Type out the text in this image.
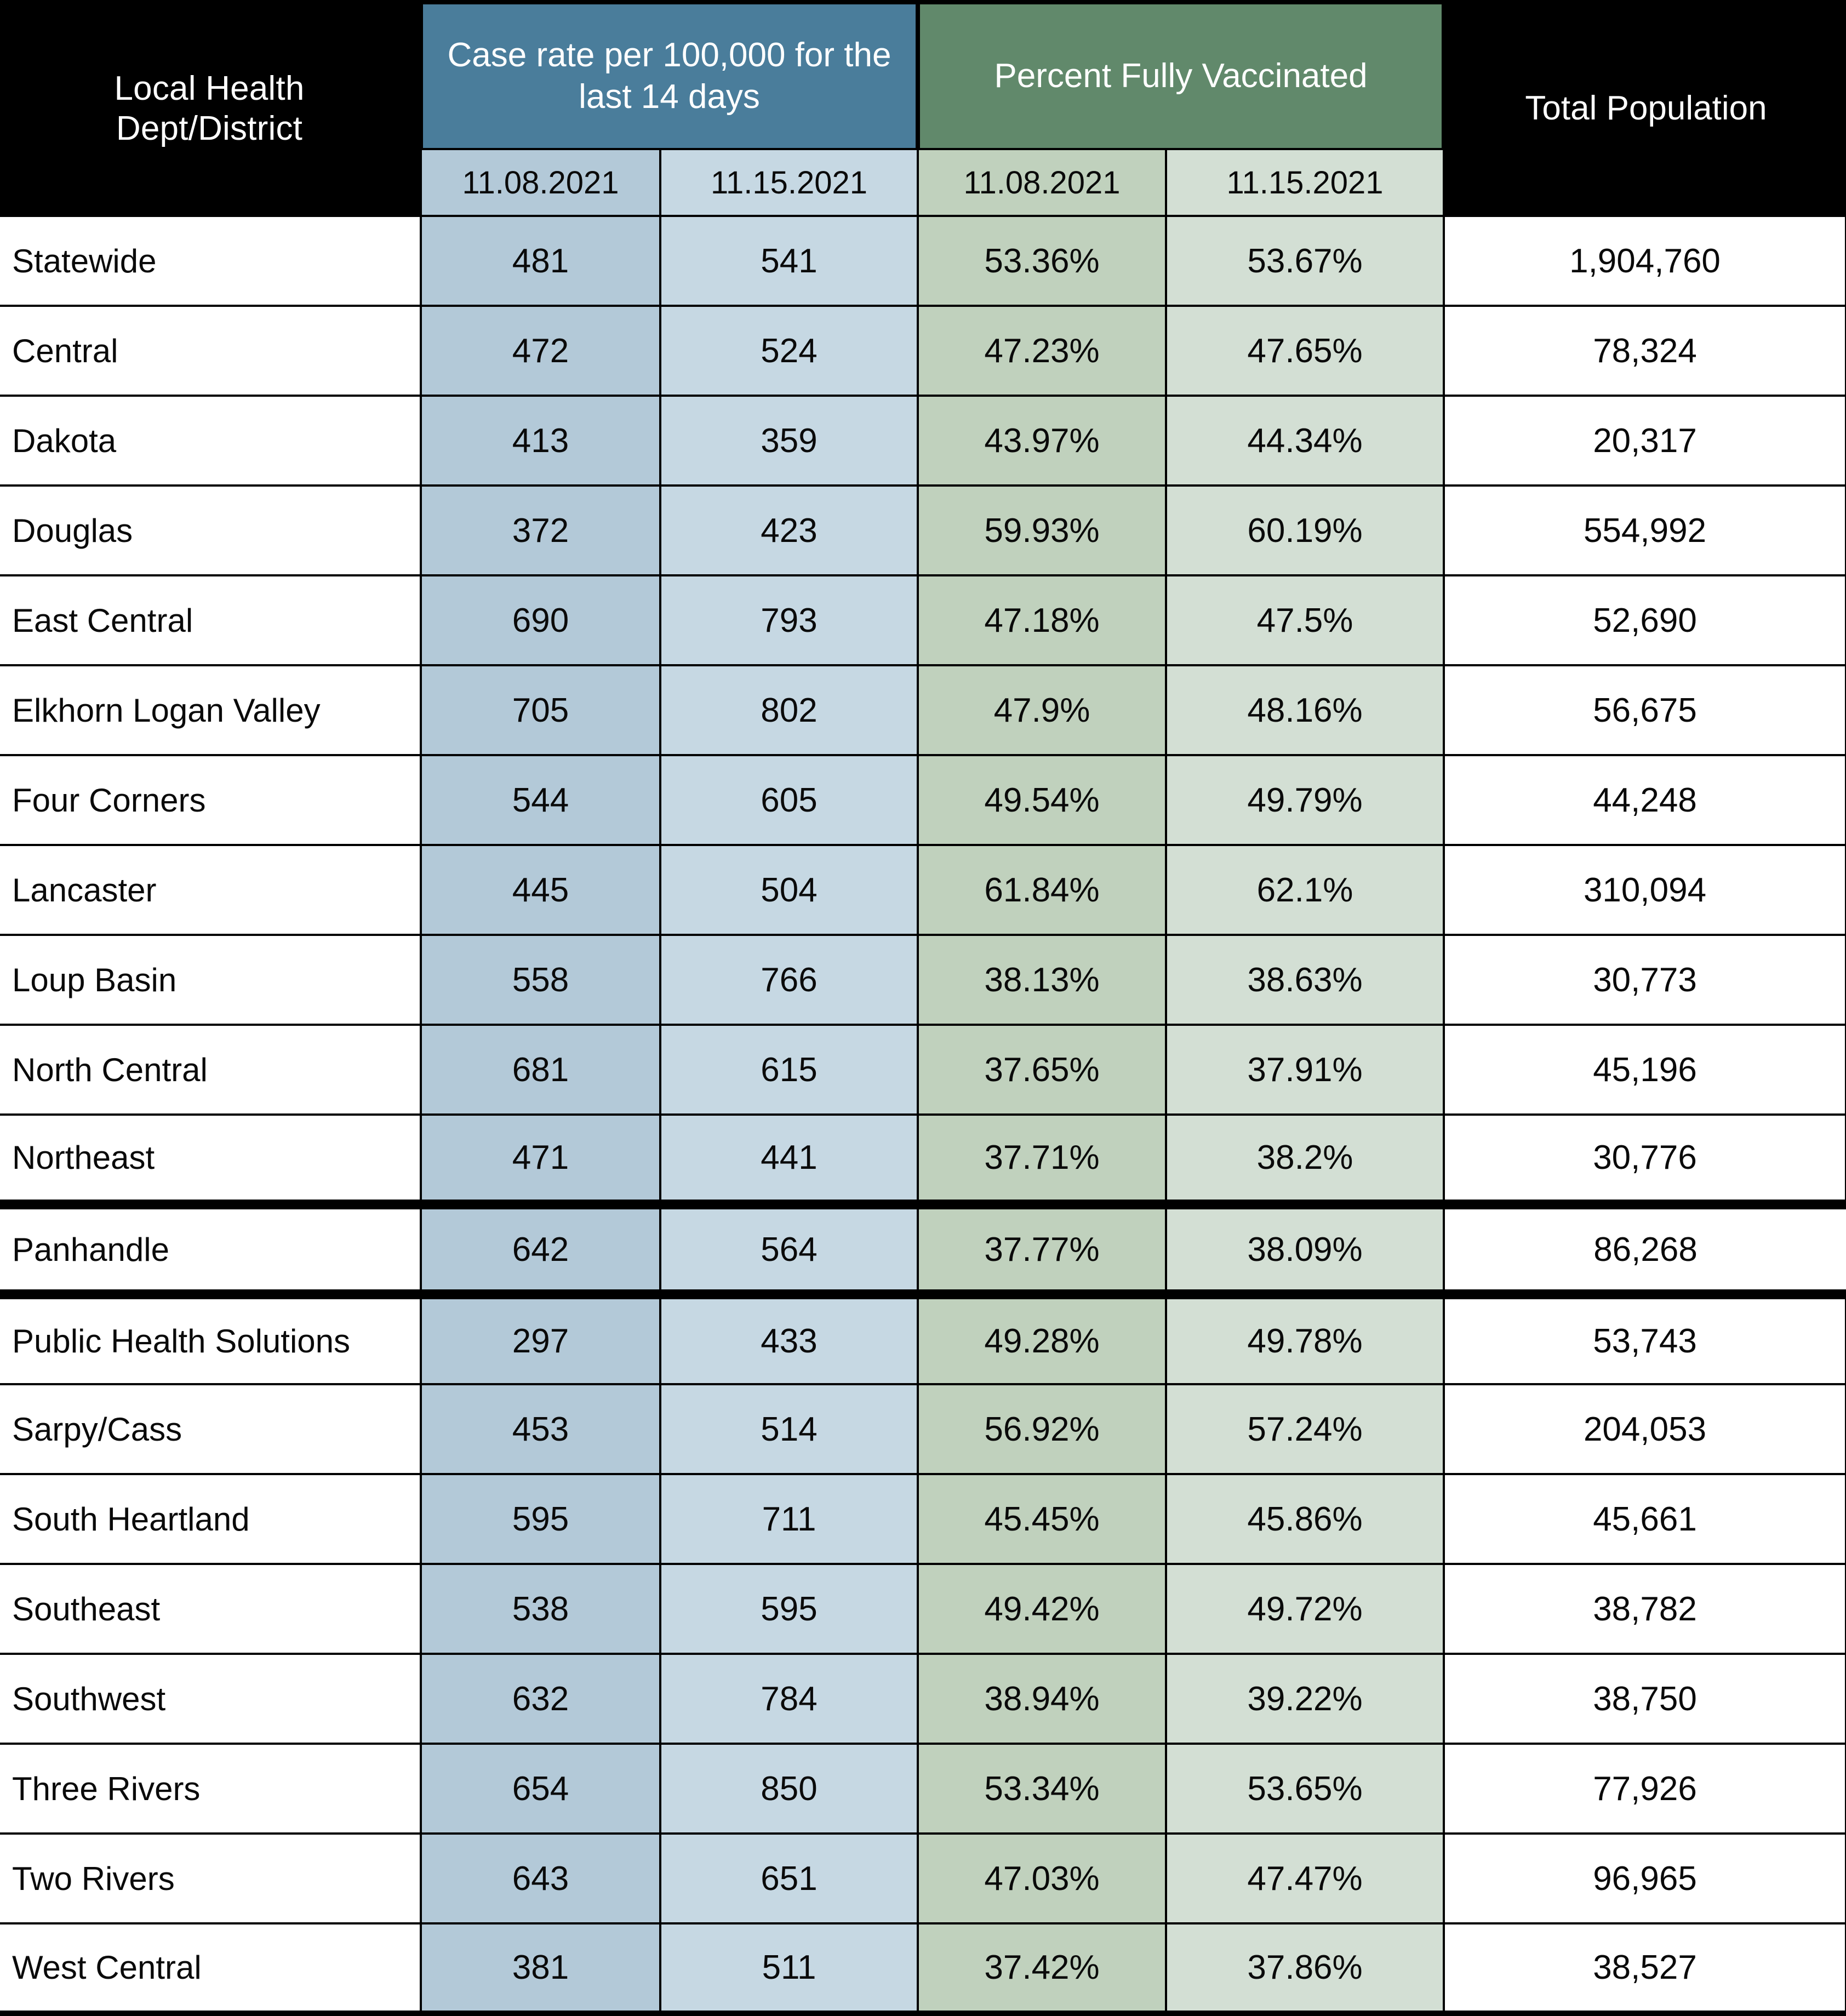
Local Health
Dept/District	Case rate per 100,000 for the last 14 days		Percent Fully Vaccinated		Total Population
	11.08.2021	11.15.2021	11.08.2021	11.15.2021	
Statewide	481	541	53.36%	53.67%	1,904,760
Central	472	524	47.23%	47.65%	78,324
Dakota	413	359	43.97%	44.34%	20,317
Douglas	372	423	59.93%	60.19%	554,992
East Central	690	793	47.18%	47.5%	52,690
Elkhorn Logan Valley	705	802	47.9%	48.16%	56,675
Four Corners	544	605	49.54%	49.79%	44,248
Lancaster	445	504	61.84%	62.1%	310,094
Loup Basin	558	766	38.13%	38.63%	30,773
North Central	681	615	37.65%	37.91%	45,196
Northeast	471	441	37.71%	38.2%	30,776
Panhandle	642	564	37.77%	38.09%	86,268
Public Health Solutions	297	433	49.28%	49.78%	53,743
Sarpy/Cass	453	514	56.92%	57.24%	204,053
South Heartland	595	711	45.45%	45.86%	45,661
Southeast	538	595	49.42%	49.72%	38,782
Southwest	632	784	38.94%	39.22%	38,750
Three Rivers	654	850	53.34%	53.65%	77,926
Two Rivers	643	651	47.03%	47.47%	96,965
West Central	381	511	37.42%	37.86%	38,527
